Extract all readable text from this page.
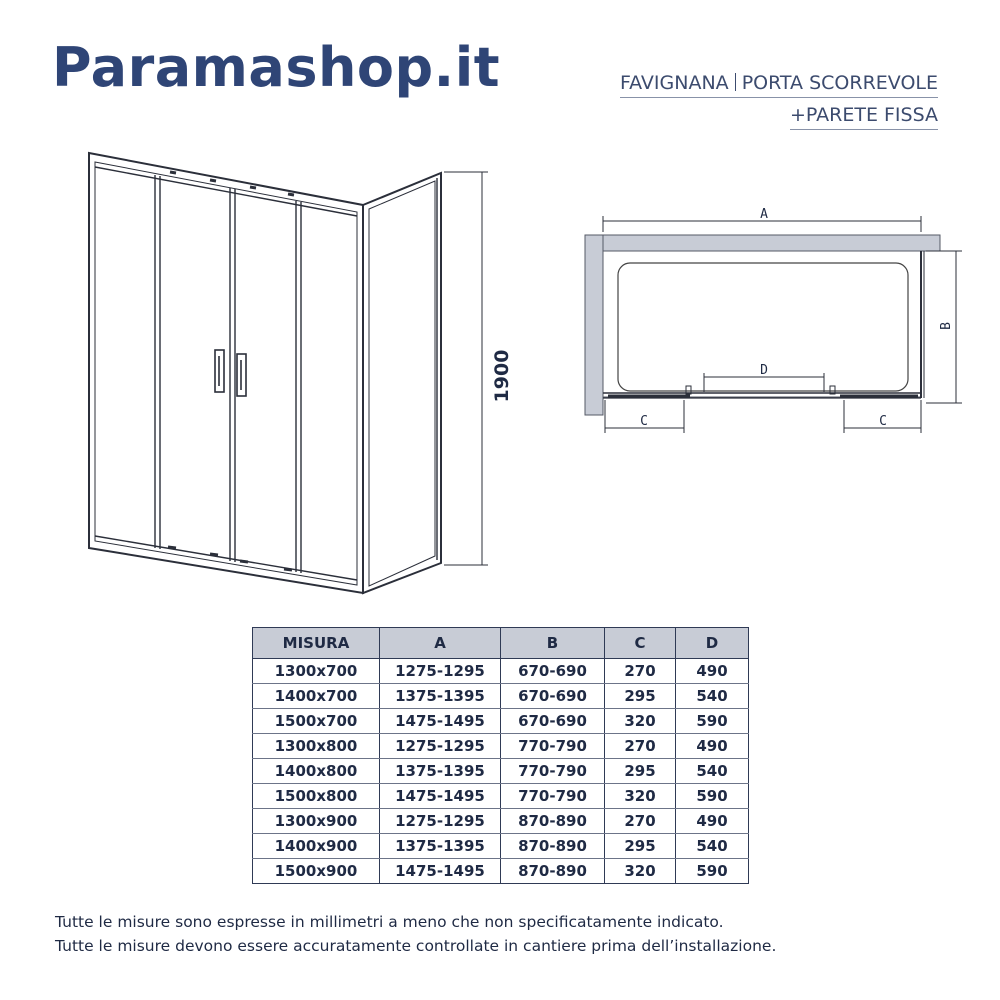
Paramashop.it	FAVIGNANA PORTA SCORREVOLE
+PARETE FISSA
1900
A
B
D
C	C
MISURA	A	B	C	D
1300x700	1275-1295	670-690	270	490
1400x700	1375-1395	670-690	295	540
1500x700	1475-1495	670-690	320	590
1300x800	1275-1295	770-790	270	490
1400x800	1375-1395	770-790	295	540
1500x800	1475-1495	770-790	320	590
1300x900	1275-1295	870-890	270	490
1400x900	1375-1395	870-890	295	540
1500x900	1475-1495	870-890	320	590
Tutte le misure sono espresse in millimetri a meno che non specificatamente indicato.
Tutte le misure devono essere accuratamente controllate in cantiere prima dell’installazione.
